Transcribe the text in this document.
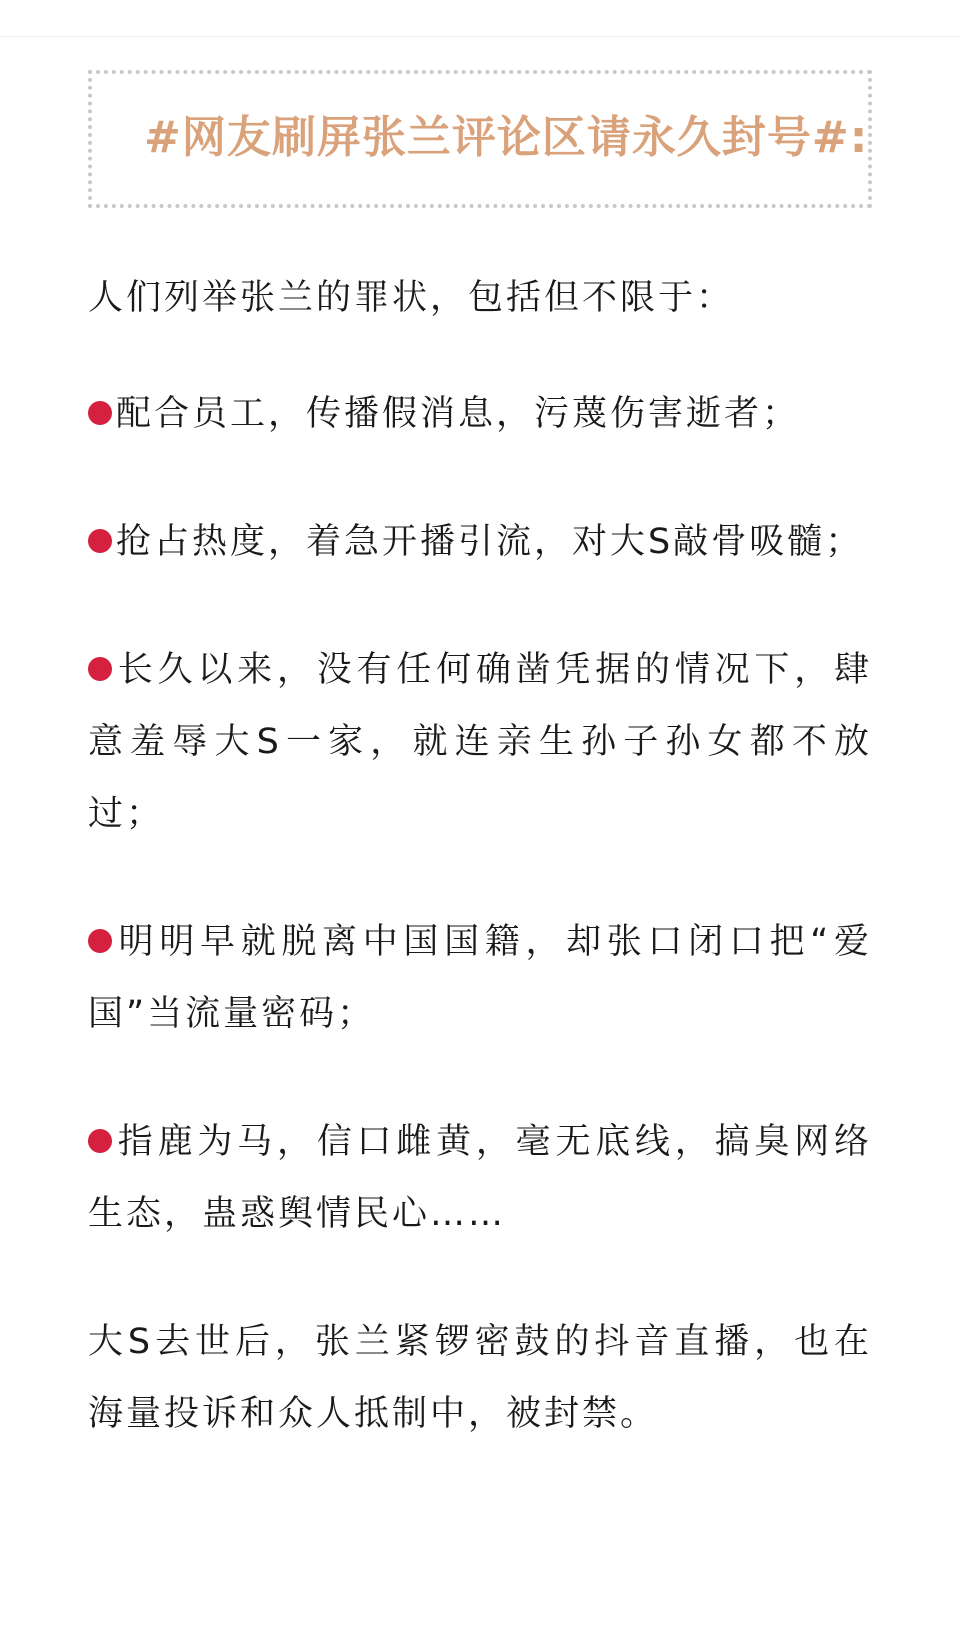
#网友刷屏张兰评论区请永久封号#:

人们列举张兰的罪状，包括但不限于：

配合员工，传播假消息，污蔑伤害逝者；

抢占热度，着急开播引流，对大S敲骨吸髓；

长久以来，没有任何确凿凭据的情况下，肆意羞辱大S一家，就连亲生孙子孙女都不放过；

明明早就脱离中国国籍，却张口闭口把“爱国”当流量密码；

指鹿为马，信口雌黄，毫无底线，搞臭网络生态，蛊惑舆情民心……

大S去世后，张兰紧锣密鼓的抖音直播，也在海量投诉和众人抵制中，被封禁。
